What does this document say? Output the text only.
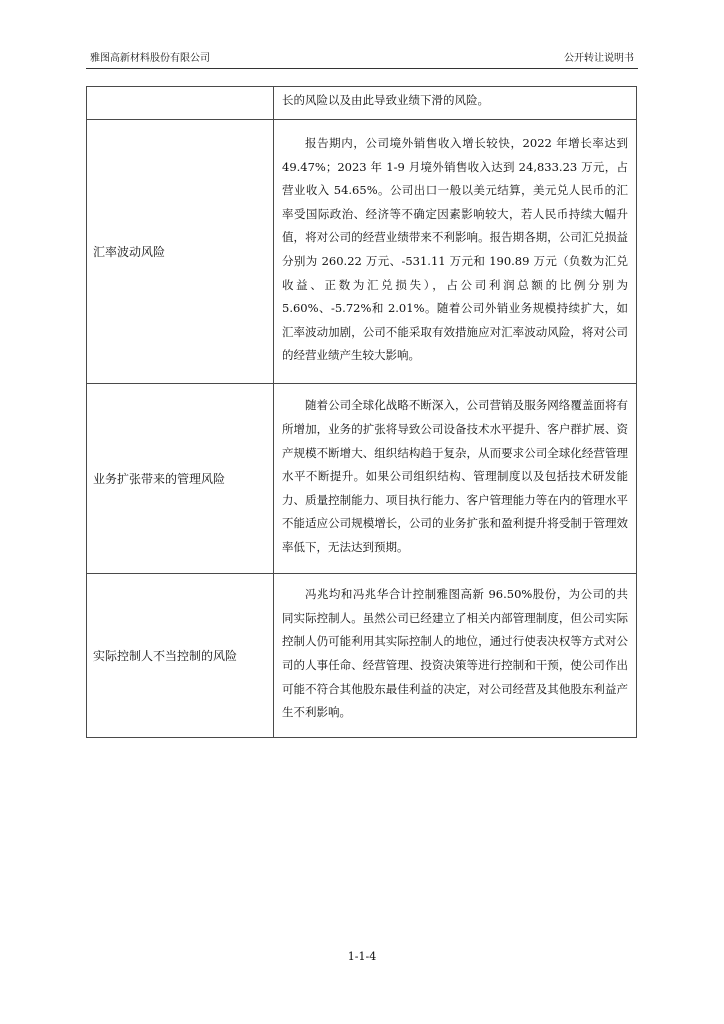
雅图高新材料股份有限公司	公开转让说明书

	长的风险以及由此导致业绩下滑的风险。

汇率波动风险	报告期内，公司境外销售收入增长较快，2022 年增长率达到 49.47%；2023 年 1-9 月境外销售收入达到 24,833.23 万元，占营业收入 54.65%。公司出口一般以美元结算，美元兑人民币的汇率受国际政治、经济等不确定因素影响较大，若人民币持续大幅升值，将对公司的经营业绩带来不利影响。报告期各期，公司汇兑损益分别为 260.22 万元、-531.11 万元和 190.89 万元（负数为汇兑收益、正数为汇兑损失），占公司利润总额的比例分别为 5.60%、-5.72%和 2.01%。随着公司外销业务规模持续扩大，如汇率波动加剧，公司不能采取有效措施应对汇率波动风险，将对公司的经营业绩产生较大影响。

业务扩张带来的管理风险	随着公司全球化战略不断深入，公司营销及服务网络覆盖面将有所增加，业务的扩张将导致公司设备技术水平提升、客户群扩展、资产规模不断增大、组织结构趋于复杂，从而要求公司全球化经营管理水平不断提升。如果公司组织结构、管理制度以及包括技术研发能力、质量控制能力、项目执行能力、客户管理能力等在内的管理水平不能适应公司规模增长，公司的业务扩张和盈利提升将受制于管理效率低下，无法达到预期。

实际控制人不当控制的风险	冯兆均和冯兆华合计控制雅图高新 96.50%股份，为公司的共同实际控制人。虽然公司已经建立了相关内部管理制度，但公司实际控制人仍可能利用其实际控制人的地位，通过行使表决权等方式对公司的人事任命、经营管理、投资决策等进行控制和干预，使公司作出可能不符合其他股东最佳利益的决定，对公司经营及其他股东利益产生不利影响。

1-1-4
